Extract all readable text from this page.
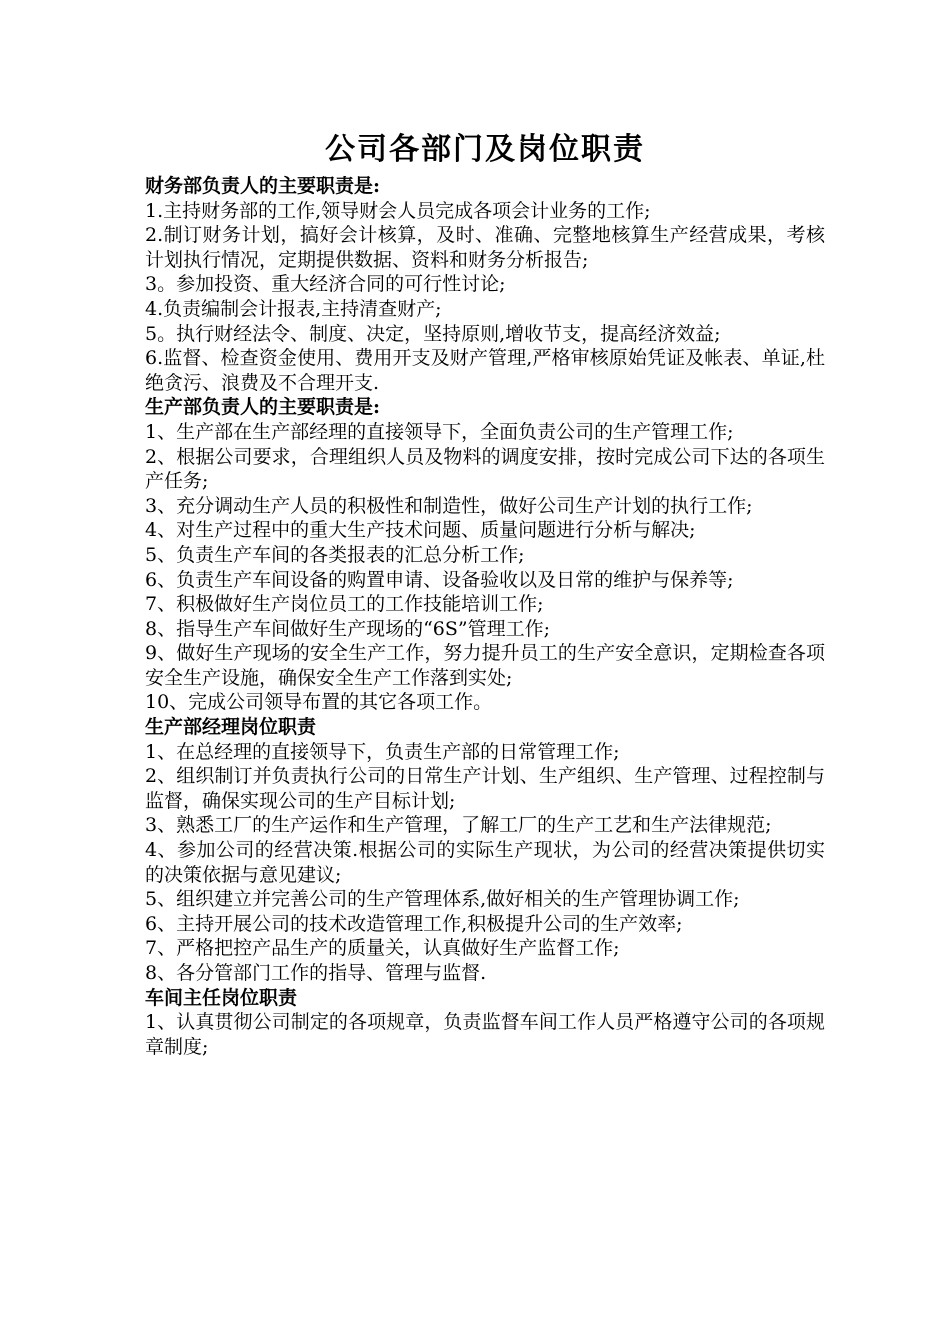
公司各部门及岗位职责
财务部负责人的主要职责是:

1.主持财务部的工作,领导财会人员完成各项会计业务的工作;

2.制订财务计划，搞好会计核算，及时、准确、完整地核算生产经营成果，考核计划执行情况，定期提供数据、资料和财务分析报告;

3。参加投资、重大经济合同的可行性讨论;

4.负责编制会计报表,主持清查财产;

5。执行财经法令、制度、决定，坚持原则,增收节支，提高经济效益;

6.监督、检查资金使用、费用开支及财产管理,严格审核原始凭证及帐表、单证,杜绝贪污、浪费及不合理开支.

生产部负责人的主要职责是:

1、生产部在生产部经理的直接领导下，全面负责公司的生产管理工作;

2、根据公司要求，合理组织人员及物料的调度安排，按时完成公司下达的各项生产任务;

3、充分调动生产人员的积极性和制造性，做好公司生产计划的执行工作;

4、对生产过程中的重大生产技术问题、质量问题进行分析与解决;

5、负责生产车间的各类报表的汇总分析工作;

6、负责生产车间设备的购置申请、设备验收以及日常的维护与保养等;

7、积极做好生产岗位员工的工作技能培训工作;

8、指导生产车间做好生产现场的“6S”管理工作;

9、做好生产现场的安全生产工作，努力提升员工的生产安全意识，定期检查各项安全生产设施，确保安全生产工作落到实处;

10、完成公司领导布置的其它各项工作。

生产部经理岗位职责

1、在总经理的直接领导下，负责生产部的日常管理工作;

2、组织制订并负责执行公司的日常生产计划、生产组织、生产管理、过程控制与监督，确保实现公司的生产目标计划;

3、熟悉工厂的生产运作和生产管理，了解工厂的生产工艺和生产法律规范;

4、参加公司的经营决策.根据公司的实际生产现状，为公司的经营决策提供切实的决策依据与意见建议;

5、组织建立并完善公司的生产管理体系,做好相关的生产管理协调工作;

6、主持开展公司的技术改造管理工作,积极提升公司的生产效率;

7、严格把控产品生产的质量关，认真做好生产监督工作;

8、各分管部门工作的指导、管理与监督.

车间主任岗位职责

1、认真贯彻公司制定的各项规章，负责监督车间工作人员严格遵守公司的各项规章制度;
